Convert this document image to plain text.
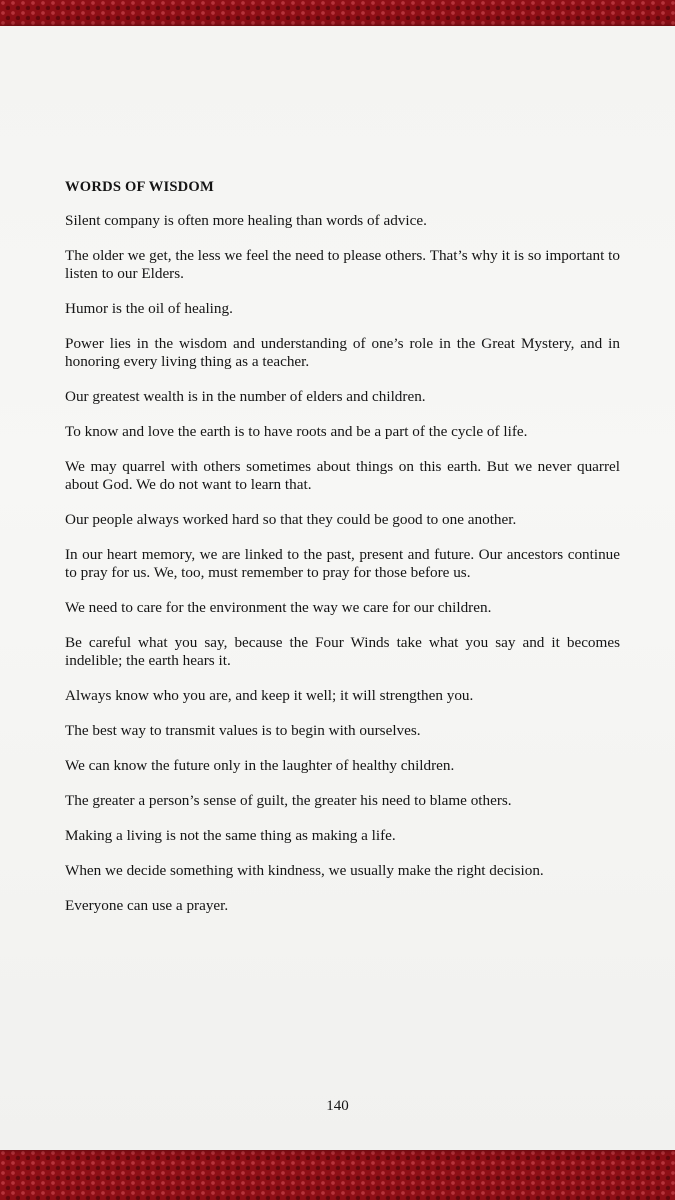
WORDS OF WISDOM

Silent company is often more healing than words of advice.

The older we get, the less we feel the need to please others. That’s why it is so important to listen to our Elders.

Humor is the oil of healing.

Power lies in the wisdom and understanding of one’s role in the Great Mystery, and in honoring every living thing as a teacher.

Our greatest wealth is in the number of elders and children.

To know and love the earth is to have roots and be a part of the cycle of life.

We may quarrel with others sometimes about things on this earth. But we never quarrel about God. We do not want to learn that.

Our people always worked hard so that they could be good to one another.

In our heart memory, we are linked to the past, present and future. Our ancestors continue to pray for us. We, too, must remember to pray for those before us.

We need to care for the environment the way we care for our children.

Be careful what you say, because the Four Winds take what you say and it becomes indelible; the earth hears it.

Always know who you are, and keep it well; it will strengthen you.

The best way to transmit values is to begin with ourselves.

We can know the future only in the laughter of healthy children.

The greater a person’s sense of guilt, the greater his need to blame others.

Making a living is not the same thing as making a life.

When we decide something with kindness, we usually make the right decision.

Everyone can use a prayer.

140
